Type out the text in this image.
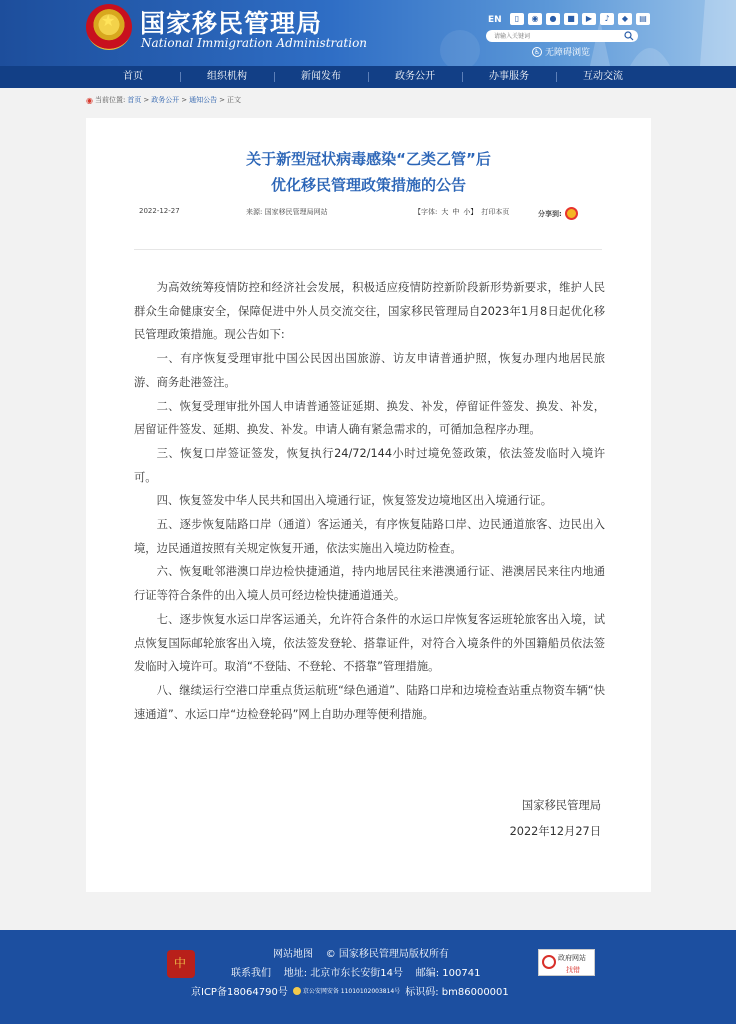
★ 国家移民管理局
National Immigration Administration
EN	▯	◉	●	■	▶	♪	◆	▤
请输入关键词
♿ 无障碍浏览
首页	组织机构	新闻发布	政务公开	办事服务	互动交流
◉ 当前位置: 首页 > 政务公开 > 通知公告 > 正文
关于新型冠状病毒感染“乙类乙管”后
优化移民管理政策措施的公告
2022-12-27	来源: 国家移民管理局网站	【字体: 大 中 小】 打印本页	分享到:

为高效统筹疫情防控和经济社会发展，积极适应疫情防控新阶段新形势新要求，维护人民群众生命健康安全，保障促进中外人员交流交往，国家移民管理局自2023年1月8日起优化移民管理政策措施。现公告如下:

一、有序恢复受理审批中国公民因出国旅游、访友申请普通护照，恢复办理内地居民旅游、商务赴港签注。

二、恢复受理审批外国人申请普通签证延期、换发、补发，停留证件签发、换发、补发，居留证件签发、延期、换发、补发。申请人确有紧急需求的，可循加急程序办理。

三、恢复口岸签证签发，恢复执行24/72/144小时过境免签政策，依法签发临时入境许可。

四、恢复签发中华人民共和国出入境通行证，恢复签发边境地区出入境通行证。

五、逐步恢复陆路口岸（通道）客运通关，有序恢复陆路口岸、边民通道旅客、边民出入境，边民通道按照有关规定恢复开通，依法实施出入境边防检查。

六、恢复毗邻港澳口岸边检快捷通道，持内地居民往来港澳通行证、港澳居民来往内地通行证等符合条件的出入境人员可经边检快捷通道通关。

七、逐步恢复水运口岸客运通关，允许符合条件的水运口岸恢复客运班轮旅客出入境，试点恢复国际邮轮旅客出入境，依法签发登轮、搭靠证件，对符合入境条件的外国籍船员依法签发临时入境许可。取消“不登陆、不登轮、不搭靠”管理措施。

八、继续运行空港口岸重点货运航班“绿色通道”、陆路口岸和边境检查站重点物资车辆“快速通道”、水运口岸“边检登轮码”网上自助办理等便利措施。

国家移民管理局
2022年12月27日
中
网站地图 © 国家移民管理局版权所有
联系我们 地址: 北京市东长安街14号 邮编: 100741
京ICP备18064790号	京公安网安备 11010102003814号 标识码: bm86000001
政府网站
找错
